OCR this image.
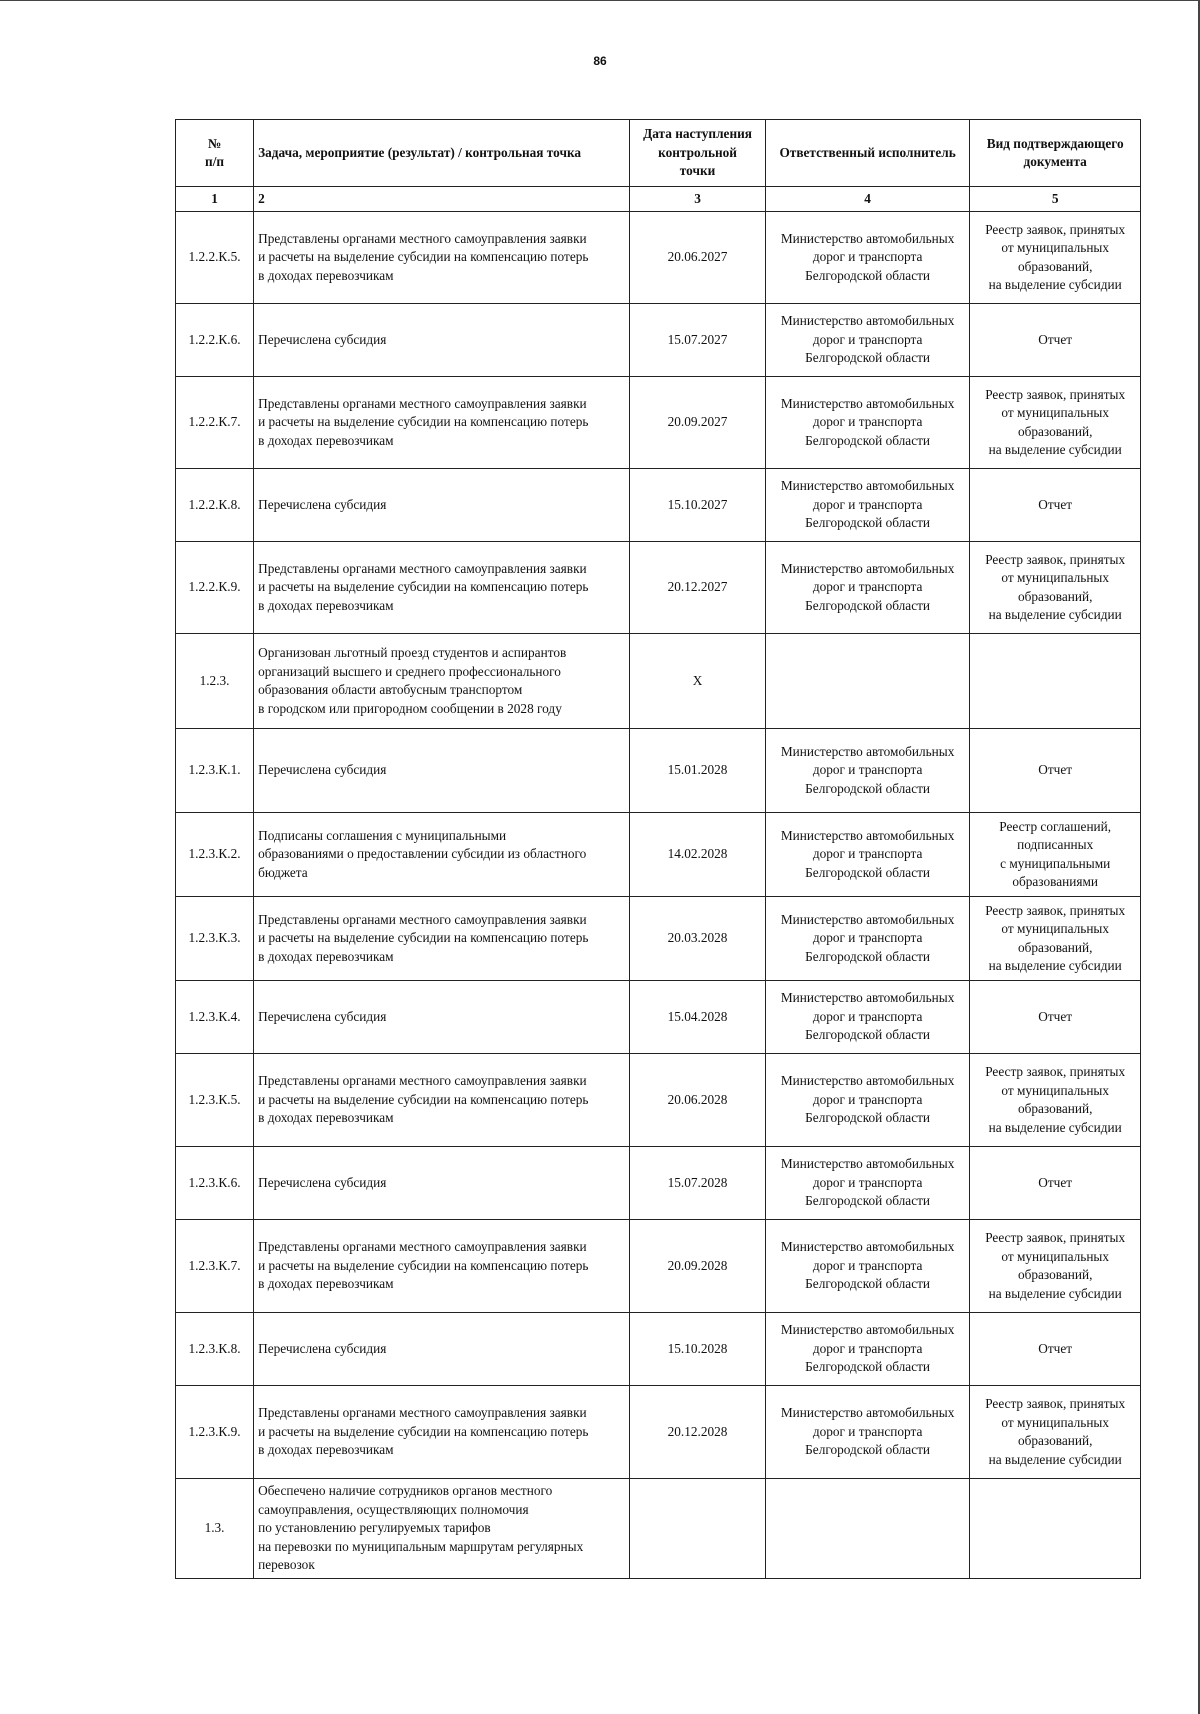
86
№
п/п	Задача, мероприятие (результат) / контрольная точка	Дата наступления
контрольной
точки	Ответственный исполнитель	Вид подтверждающего
документа
1	2	3	4	5
1.2.2.К.5.	Представлены органами местного самоуправления заявки
и расчеты на выделение субсидии на компенсацию потерь
в доходах перевозчикам	20.06.2027	Министерство автомобильных
дорог и транспорта
Белгородской области	Реестр заявок, принятых
от муниципальных
образований,
на выделение субсидии
1.2.2.К.6.	Перечислена субсидия	15.07.2027	Министерство автомобильных
дорог и транспорта
Белгородской области	Отчет
1.2.2.К.7.	Представлены органами местного самоуправления заявки
и расчеты на выделение субсидии на компенсацию потерь
в доходах перевозчикам	20.09.2027	Министерство автомобильных
дорог и транспорта
Белгородской области	Реестр заявок, принятых
от муниципальных
образований,
на выделение субсидии
1.2.2.К.8.	Перечислена субсидия	15.10.2027	Министерство автомобильных
дорог и транспорта
Белгородской области	Отчет
1.2.2.К.9.	Представлены органами местного самоуправления заявки
и расчеты на выделение субсидии на компенсацию потерь
в доходах перевозчикам	20.12.2027	Министерство автомобильных
дорог и транспорта
Белгородской области	Реестр заявок, принятых
от муниципальных
образований,
на выделение субсидии
1.2.3.	Организован льготный проезд студентов и аспирантов
организаций высшего и среднего профессионального
образования области автобусным транспортом
в городском или пригородном сообщении в 2028 году	X		
1.2.3.К.1.	Перечислена субсидия	15.01.2028	Министерство автомобильных
дорог и транспорта
Белгородской области	Отчет
1.2.3.К.2.	Подписаны соглашения с муниципальными
образованиями о предоставлении субсидии из областного
бюджета	14.02.2028	Министерство автомобильных
дорог и транспорта
Белгородской области	Реестр соглашений,
подписанных
с муниципальными
образованиями
1.2.3.К.3.	Представлены органами местного самоуправления заявки
и расчеты на выделение субсидии на компенсацию потерь
в доходах перевозчикам	20.03.2028	Министерство автомобильных
дорог и транспорта
Белгородской области	Реестр заявок, принятых
от муниципальных
образований,
на выделение субсидии
1.2.3.К.4.	Перечислена субсидия	15.04.2028	Министерство автомобильных
дорог и транспорта
Белгородской области	Отчет
1.2.3.К.5.	Представлены органами местного самоуправления заявки
и расчеты на выделение субсидии на компенсацию потерь
в доходах перевозчикам	20.06.2028	Министерство автомобильных
дорог и транспорта
Белгородской области	Реестр заявок, принятых
от муниципальных
образований,
на выделение субсидии
1.2.3.К.6.	Перечислена субсидия	15.07.2028	Министерство автомобильных
дорог и транспорта
Белгородской области	Отчет
1.2.3.К.7.	Представлены органами местного самоуправления заявки
и расчеты на выделение субсидии на компенсацию потерь
в доходах перевозчикам	20.09.2028	Министерство автомобильных
дорог и транспорта
Белгородской области	Реестр заявок, принятых
от муниципальных
образований,
на выделение субсидии
1.2.3.К.8.	Перечислена субсидия	15.10.2028	Министерство автомобильных
дорог и транспорта
Белгородской области	Отчет
1.2.3.К.9.	Представлены органами местного самоуправления заявки
и расчеты на выделение субсидии на компенсацию потерь
в доходах перевозчикам	20.12.2028	Министерство автомобильных
дорог и транспорта
Белгородской области	Реестр заявок, принятых
от муниципальных
образований,
на выделение субсидии
1.3.	Обеспечено наличие сотрудников органов местного
самоуправления, осуществляющих полномочия
по установлению регулируемых тарифов
на перевозки по муниципальным маршрутам регулярных
перевозок			
